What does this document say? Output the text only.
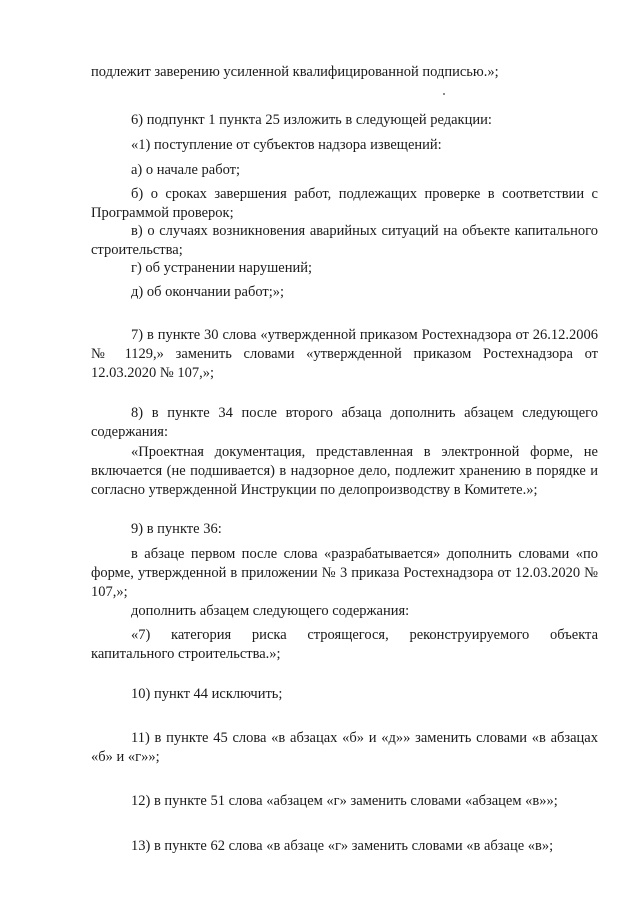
подлежит заверению усиленной квалифицированной подписью.»;

6) подпункт 1 пункта 25 изложить в следующей редакции:

«1) поступление от субъектов надзора извещений:

а) о начале работ;

б) о сроках завершения работ, подлежащих проверке в соответствии с Программой проверок;

в) о случаях возникновения аварийных ситуаций на объекте капитального строительства;

г) об устранении нарушений;

д) об окончании работ;»;

7) в пункте 30 слова «утвержденной приказом Ростехнадзора от 26.12.2006 № 1129,» заменить словами «утвержденной приказом Ростехнадзора от 12.03.2020 № 107,»;

8) в пункте 34 после второго абзаца дополнить абзацем следующего содержания:

«Проектная документация, представленная в электронной форме, не включается (не подшивается) в надзорное дело, подлежит хранению в порядке и согласно утвержденной Инструкции по делопроизводству в Комитете.»;

9) в пункте 36:

в абзаце первом после слова «разрабатывается» дополнить словами «по форме, утвержденной в приложении № 3 приказа Ростехнадзора от 12.03.2020 № 107,»;

дополнить абзацем следующего содержания:

«7) категория риска строящегося, реконструируемого объекта капитального строительства.»;

10) пункт 44 исключить;

11) в пункте 45 слова «в абзацах «б» и «д»» заменить словами «в абзацах «б» и «г»»;

12) в пункте 51 слова «абзацем «г» заменить словами «абзацем «в»»;

13) в пункте 62 слова «в абзаце «г» заменить словами «в абзаце «в»;
